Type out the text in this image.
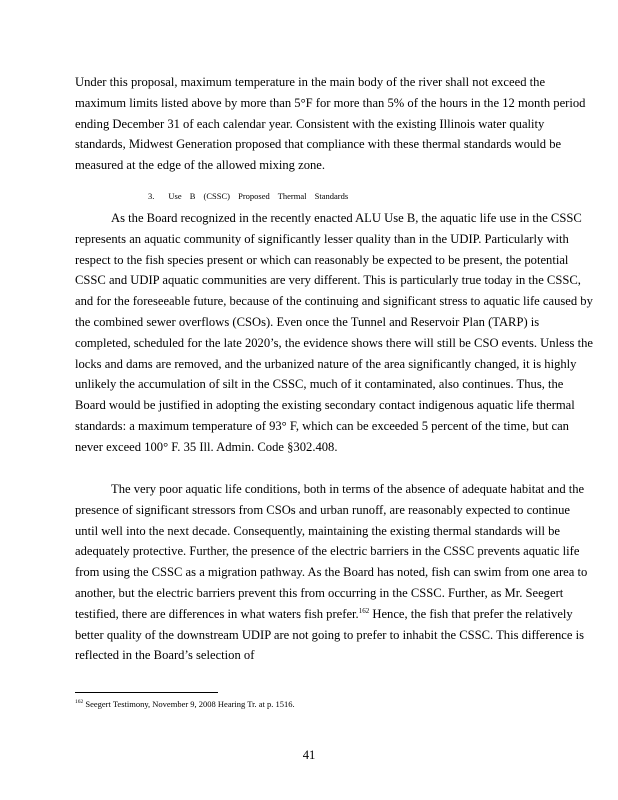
Under this proposal, maximum temperature in the main body of the river shall not exceed the maximum limits listed above by more than 5°F for more than 5% of the hours in the 12 month period ending December 31 of each calendar year. Consistent with the existing Illinois water quality standards, Midwest Generation proposed that compliance with these thermal standards would be measured at the edge of the allowed mixing zone.

3. Use B (CSSC) Proposed Thermal Standards

As the Board recognized in the recently enacted ALU Use B, the aquatic life use in the CSSC represents an aquatic community of significantly lesser quality than in the UDIP. Particularly with respect to the fish species present or which can reasonably be expected to be present, the potential CSSC and UDIP aquatic communities are very different. This is particularly true today in the CSSC, and for the foreseeable future, because of the continuing and significant stress to aquatic life caused by the combined sewer overflows (CSOs). Even once the Tunnel and Reservoir Plan (TARP) is completed, scheduled for the late 2020’s, the evidence shows there will still be CSO events. Unless the locks and dams are removed, and the urbanized nature of the area significantly changed, it is highly unlikely the accumulation of silt in the CSSC, much of it contaminated, also continues. Thus, the Board would be justified in adopting the existing secondary contact indigenous aquatic life thermal standards: a maximum temperature of 93° F, which can be exceeded 5 percent of the time, but can never exceed 100° F. 35 Ill. Admin. Code §302.408.

The very poor aquatic life conditions, both in terms of the absence of adequate habitat and the presence of significant stressors from CSOs and urban runoff, are reasonably expected to continue until well into the next decade. Consequently, maintaining the existing thermal standards will be adequately protective. Further, the presence of the electric barriers in the CSSC prevents aquatic life from using the CSSC as a migration pathway. As the Board has noted, fish can swim from one area to another, but the electric barriers prevent this from occurring in the CSSC. Further, as Mr. Seegert testified, there are differences in what waters fish prefer.$^{162}$ Hence, the fish that prefer the relatively better quality of the downstream UDIP are not going to prefer to inhabit the CSSC. This difference is reflected in the Board’s selection of

$^{162}$ Seegert Testimony, November 9, 2008 Hearing Tr. at p. 1516.

41
